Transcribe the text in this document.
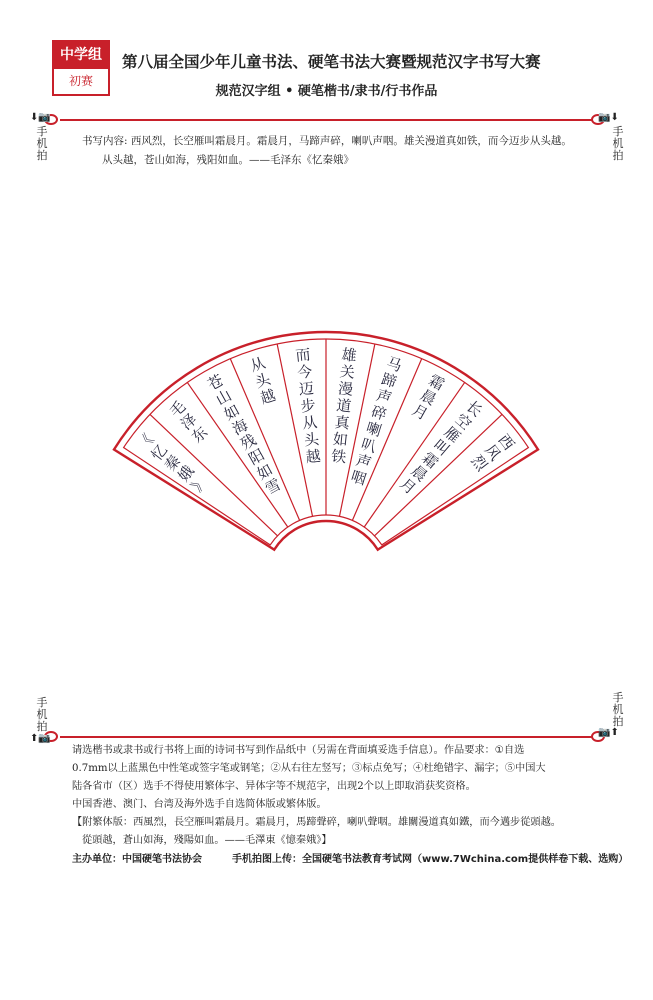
中学组
初赛
第八届全国少年儿童书法、硬笔书法大赛暨规范汉字书写大赛
规范汉字组 • 硬笔楷书/隶书/行书作品
⬇📷
手
机
拍
📷⬇
手
机
拍
书写内容: 西风烈，长空雁叫霜晨月。霜晨月，马蹄声碎，喇叭声咽。雄关漫道真如铁，而今迈步从头越。
从头越，苍山如海，残阳如血。——毛泽东《忆秦娥》
《
忆
秦
娥
》
毛
泽
东
苍
山
如
海
残
阳
如
雪
从
头
越
而
今
迈
步
从
头
越
雄
关
漫
道
真
如
铁
马
蹄
声
碎
喇
叭
声
咽
霜
晨
月 长
空
雁
叫
霜
晨
月
西
风
烈
手
机
拍
⬆📷
手
机
拍
📷⬆
请选楷书或隶书或行书将上面的诗词书写到作品纸中（另需在背面填妥选手信息）。作品要求：①自选
0.7mm以上蓝黑色中性笔或签字笔或钢笔；②从右往左竖写；③标点免写；④杜绝错字、漏字；⑤中国大
陆各省市（区）选手不得使用繁体字、异体字等不规范字，出现2个以上即取消获奖资格。
中国香港、澳门、台湾及海外选手自选简体版或繁体版。
【附繁体版：西風烈，長空雁叫霜晨月。霜晨月，馬蹄聲碎，喇叭聲咽。雄關漫道真如鐵，而今邁步從頭越。
從頭越，蒼山如海，殘陽如血。——毛澤東《憶秦娥》】
主办单位：中国硬笔书法协会	手机拍图上传：全国硬笔书法教育考试网（www.7Wchina.com提供样卷下载、选购）
